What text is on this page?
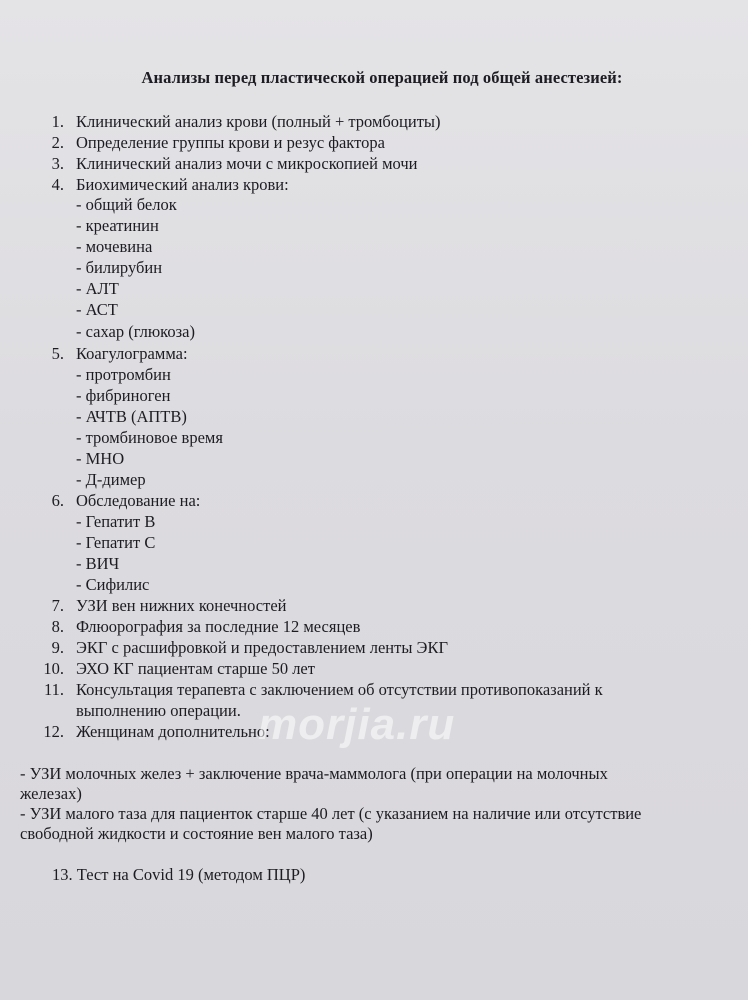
Анализы перед пластической операцией под общей анестезией:
1. Клинический анализ крови (полный + тромбоциты)
2. Определение группы крови и резус фактора
3. Клинический анализ мочи с микроскопией мочи
4. Биохимический анализ крови:
- общий белок
- креатинин
- мочевина
- билирубин
- АЛТ
- АСТ
- сахар (глюкоза)
5. Коагулограмма:
- протромбин
- фибриноген
- АЧТВ (АПТВ)
- тромбиновое время
- МНО
- Д-димер
6. Обследование на:
- Гепатит В
- Гепатит С
- ВИЧ
- Сифилис
7. УЗИ вен нижних конечностей
8. Флюорография за последние 12 месяцев
9. ЭКГ с расшифровкой и предоставлением ленты ЭКГ
10. ЭХО КГ пациентам старше 50 лет
11. Консультация терапевта с заключением об отсутствии противопоказаний к
выполнению операции.
12. Женщинам дополнительно:
- УЗИ молочных желез + заключение врача-маммолога (при операции на молочных
железах)
- УЗИ малого таза для пациенток старше 40 лет (с указанием на наличие или отсутствие
свободной жидкости и состояние вен малого таза)
13. Тест на Covid 19 (методом ПЦР)
morjia.ru
